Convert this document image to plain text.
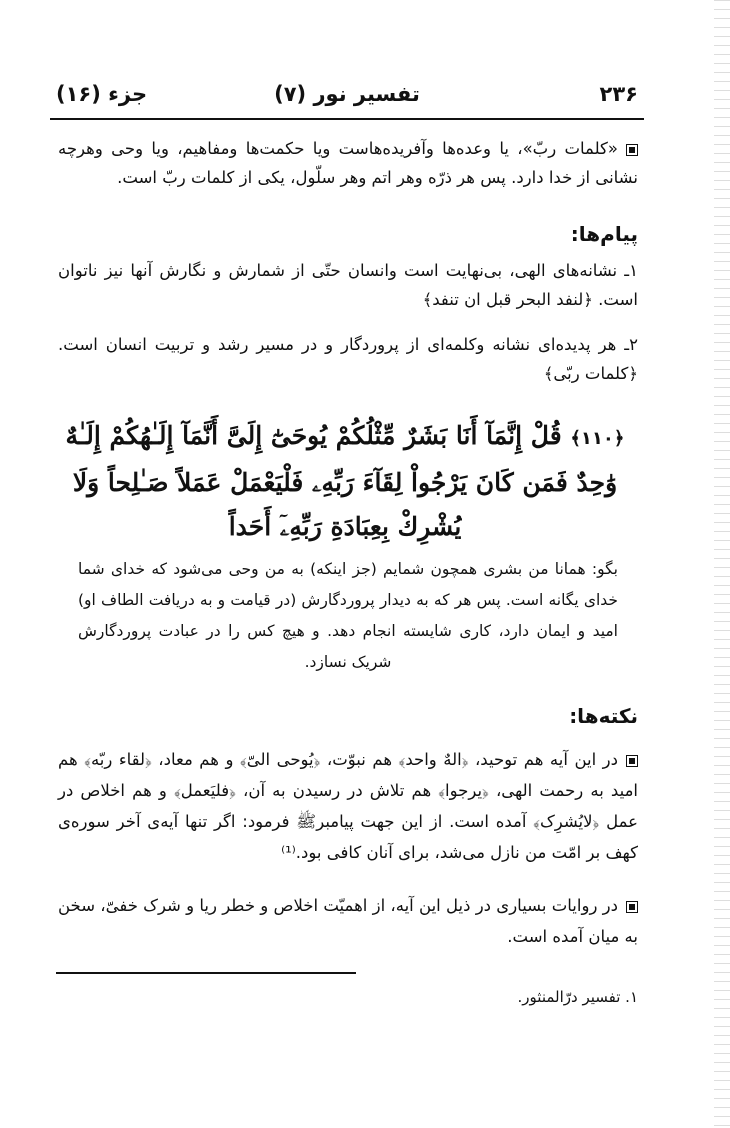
۲۳۶
تفسیر نور (۷)
جزء (۱۶)
«کلمات ربّ»، یا وعده‌ها وآفریده‌هاست ویا حکمت‌ها ومفاهیم، ویا وحی وهرچه نشانی از خدا دارد. پس هر ذرّه وهر اتم وهر سلّول، یکی از کلمات ربّ است.
پیام‌ها:
۱ـ نشانه‌های الهی، بی‌نهایت است وانسان حتّی از شمارش و نگارش آنها نیز ناتوان است. ﴿لنفد البحر قبل ان تنفد﴾
۲ـ هر پدیده‌ای نشانه وکلمه‌ای از پروردگار و در مسیر رشد و تربیت انسان است. ﴿کلمات ربّی﴾
﴿١١٠﴾ قُلْ إِنَّمَآ أَنَا بَشَرٌ مِّثْلُكُمْ يُوحَىٰٓ إِلَىَّ أَنَّمَآ إِلَـٰهُكُمْ إِلَـٰهٌ وَٰحِدٌ فَمَن كَانَ يَرْجُواْ لِقَآءَ رَبِّهِۦ فَلْيَعْمَلْ عَمَلاً صَـٰلِحاً وَلَا يُشْرِكْ بِعِبَادَةِ رَبِّهِۦٓ أَحَداً
بگو: همانا من بشری همچون شمایم (جز اینکه) به من وحی می‌شود که خدای شما خدای یگانه است. پس هر که به دیدار پروردگارش (در قیامت و به دریافت الطاف او) امید و ایمان دارد، کاری شایسته انجام دهد. و هیچ کس را در عبادت پروردگارش شریک نسازد.
نکته‌ها:
در این آیه هم توحید، ﴿الهٌ واحد﴾ هم نبوّت، ﴿یُوحی الیّ﴾ و هم معاد، ﴿لقاء ربّه﴾ هم امید به رحمت الهی، ﴿یرجوا﴾ هم تلاش در رسیدن به آن، ﴿فلیَعمل﴾ و هم اخلاص در عمل ﴿لایُشرِک﴾ آمده است. از این جهت پیامبرﷺ فرمود: اگر تنها آیه‌ی آخر سوره‌ی کهف بر امّت من نازل می‌شد، برای آنان کافی بود.⁽¹⁾
در روایات بسیاری در ذیل این آیه، از اهمیّت اخلاص و خطر ریا و شرک خفیّ، سخن به میان آمده است.
۱. تفسیر درّالمنثور.
